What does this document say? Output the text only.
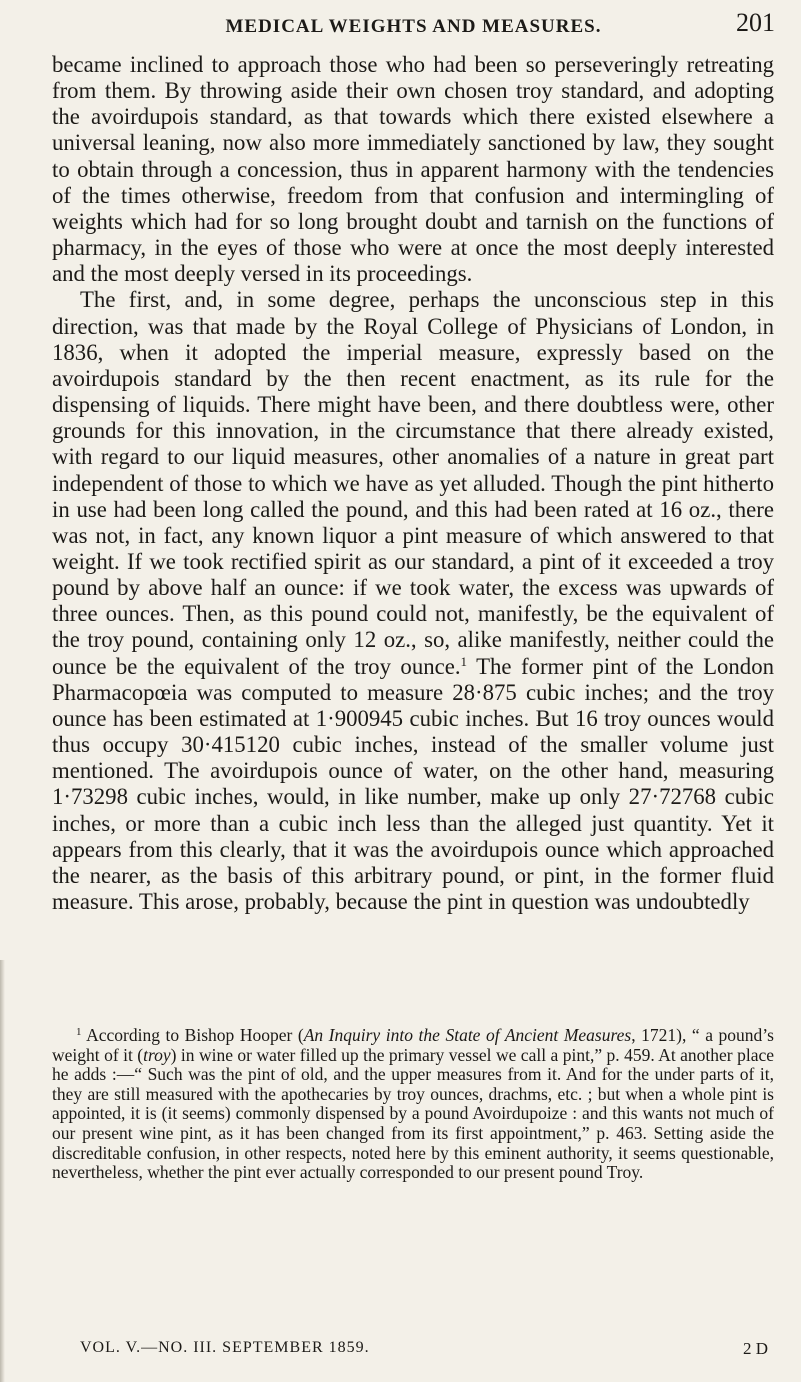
MEDICAL WEIGHTS AND MEASURES.	201

became inclined to approach those who had been so perseveringly retreating from them. By throwing aside their own chosen troy standard, and adopting the avoirdupois standard, as that towards which there existed elsewhere a universal leaning, now also more immediately sanctioned by law, they sought to obtain through a concession, thus in apparent harmony with the tendencies of the times otherwise, freedom from that confusion and intermingling of weights which had for so long brought doubt and tarnish on the functions of pharmacy, in the eyes of those who were at once the most deeply interested and the most deeply versed in its proceedings.

The first, and, in some degree, perhaps the unconscious step in this direction, was that made by the Royal College of Physicians of London, in 1836, when it adopted the imperial measure, expressly based on the avoirdupois standard by the then recent enactment, as its rule for the dispensing of liquids. There might have been, and there doubtless were, other grounds for this innovation, in the circumstance that there already existed, with regard to our liquid measures, other anomalies of a nature in great part independent of those to which we have as yet alluded. Though the pint hitherto in use had been long called the pound, and this had been rated at 16 oz., there was not, in fact, any known liquor a pint measure of which answered to that weight. If we took rectified spirit as our standard, a pint of it exceeded a troy pound by above half an ounce: if we took water, the excess was upwards of three ounces. Then, as this pound could not, manifestly, be the equivalent of the troy pound, containing only 12 oz., so, alike manifestly, neither could the ounce be the equivalent of the troy ounce.$^1$ The former pint of the London Pharmacopœia was computed to measure 28·875 cubic inches; and the troy ounce has been estimated at 1·900945 cubic inches. But 16 troy ounces would thus occupy 30·415120 cubic inches, instead of the smaller volume just mentioned. The avoirdupois ounce of water, on the other hand, measuring 1·73298 cubic inches, would, in like number, make up only 27·72768 cubic inches, or more than a cubic inch less than the alleged just quantity. Yet it appears from this clearly, that it was the avoirdupois ounce which approached the nearer, as the basis of this arbitrary pound, or pint, in the former fluid measure. This arose, probably, because the pint in question was undoubtedly

$^1$ According to Bishop Hooper (An Inquiry into the State of Ancient Measures, 1721), “ a pound’s weight of it (troy) in wine or water filled up the primary vessel we call a pint,” p. 459. At another place he adds :—“ Such was the pint of old, and the upper measures from it. And for the under parts of it, they are still measured with the apothecaries by troy ounces, drachms, etc. ; but when a whole pint is appointed, it is (it seems) commonly dispensed by a pound Avoirdupoize : and this wants not much of our present wine pint, as it has been changed from its first appointment,” p. 463. Setting aside the discreditable confusion, in other respects, noted here by this eminent authority, it seems questionable, nevertheless, whether the pint ever actually corresponded to our present pound Troy.
VOL. V.—NO. III. SEPTEMBER 1859.	2 D
